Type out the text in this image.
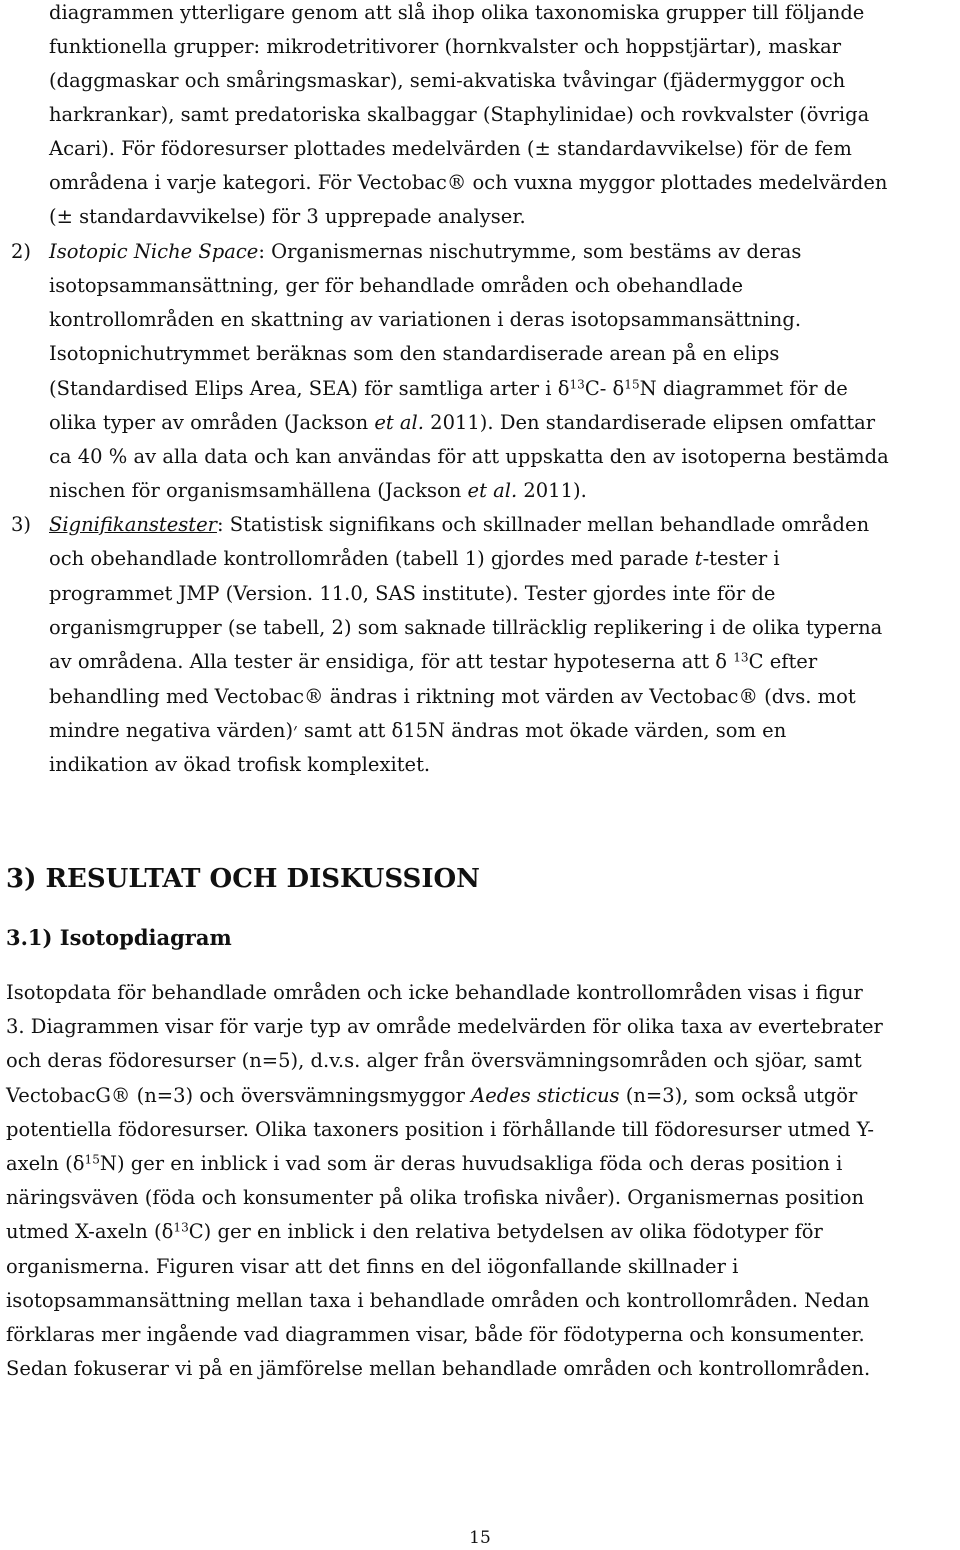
diagrammen ytterligare genom att slå ihop olika taxonomiska grupper till följande
funktionella grupper: mikrodetritivorer (hornkvalster och hoppstjärtar), maskar
(daggmaskar och småringsmaskar), semi-akvatiska tvåvingar (fjädermyggor och
harkrankar), samt predatoriska skalbaggar (Staphylinidae) och rovkvalster (övriga
Acari). För födoresurser plottades medelvärden (± standardavvikelse) för de fem
områdena i varje kategori. För Vectobac® och vuxna myggor plottades medelvärden
(± standardavvikelse) för 3 upprepade analyser.
2) Isotopic Niche Space: Organismernas nischutrymme, som bestäms av deras
isotopsammansättning, ger för behandlade områden och obehandlade
kontrollområden en skattning av variationen i deras isotopsammansättning.
Isotopnichutrymmet beräknas som den standardiserade arean på en elips
(Standardised Elips Area, SEA) för samtliga arter i $\delta^{13}C-$ $\delta^{15}N$ diagrammet för de
olika typer av områden (Jackson et al. 2011). Den standardiserade elipsen omfattar
ca 40 % av alla data och kan användas för att uppskatta den av isotoperna bestämda
nischen för organismsamhällena (Jackson et al. 2011).
3) Signifikanstester: Statistisk signifikans och skillnader mellan behandlade områden
och obehandlade kontrollområden (tabell 1) gjordes med parade t-tester i
programmet JMP (Version. 11.0, SAS institute). Tester gjordes inte för de
organismgrupper (se tabell, 2) som saknade tillräcklig replikering i de olika typerna
av områdena. Alla tester är ensidiga, för att testar hypoteserna att δ $^{13}$C efter
behandling med Vectobac® ändras i riktning mot värden av Vectobac® (dvs. mot
mindre negativa värden)׳ samt att δ15N ändras mot ökade värden, som en
indikation av ökad trofisk komplexitet.
3) RESULTAT OCH DISKUSSION
3.1) Isotopdiagram
Isotopdata för behandlade områden och icke behandlade kontrollområden visas i figur
3. Diagrammen visar för varje typ av område medelvärden för olika taxa av evertebrater
och deras födoresurser (n=5), d.v.s. alger från översvämningsområden och sjöar, samt
VectobacG® (n=3) och översvämningsmyggor Aedes sticticus (n=3), som också utgör
potentiella födoresurser. Olika taxoners position i förhållande till födoresurser utmed Y-
axeln $(\delta^{15}N)$ ger en inblick i vad som är deras huvudsakliga föda och deras position i
näringsväven (föda och konsumenter på olika trofiska nivåer). Organismernas position
utmed X-axeln $(\delta^{13}C)$ ger en inblick i den relativa betydelsen av olika födotyper för
organismerna. Figuren visar att det finns en del iögonfallande skillnader i
isotopsammansättning mellan taxa i behandlade områden och kontrollområden. Nedan
förklaras mer ingående vad diagrammen visar, både för födotyperna och konsumenter.
Sedan fokuserar vi på en jämförelse mellan behandlade områden och kontrollområden.
15
